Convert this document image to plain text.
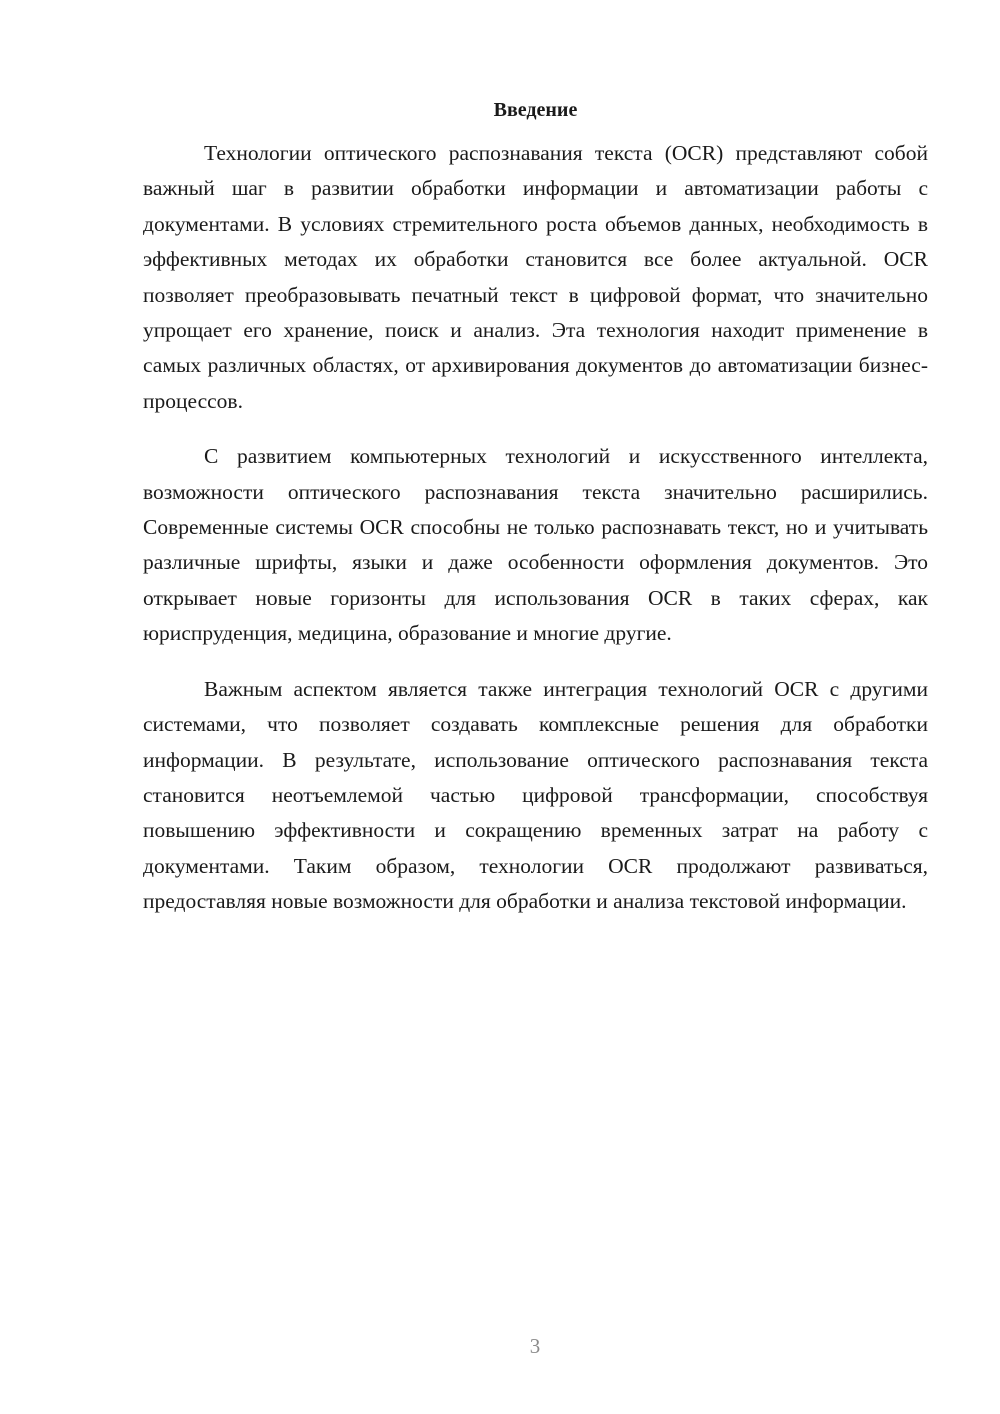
Введение

Технологии оптического распознавания текста (OCR) представляют собой важный шаг в развитии обработки информации и автоматизации работы с документами. В условиях стремительного роста объемов данных, необходимость в эффективных методах их обработки становится все более актуальной. OCR позволяет преобразовывать печатный текст в цифровой формат, что значительно упрощает его хранение, поиск и анализ. Эта технология находит применение в самых различных областях, от архивирования документов до автоматизации бизнес-процессов.

С развитием компьютерных технологий и искусственного интеллекта, возможности оптического распознавания текста значительно расширились. Современные системы OCR способны не только распознавать текст, но и учитывать различные шрифты, языки и даже особенности оформления документов. Это открывает новые горизонты для использования OCR в таких сферах, как юриспруденция, медицина, образование и многие другие.

Важным аспектом является также интеграция технологий OCR с другими системами, что позволяет создавать комплексные решения для обработки информации. В результате, использование оптического распознавания текста становится неотъемлемой частью цифровой трансформации, способствуя повышению эффективности и сокращению временных затрат на работу с документами. Таким образом, технологии OCR продолжают развиваться, предоставляя новые возможности для обработки и анализа текстовой информации.

3
